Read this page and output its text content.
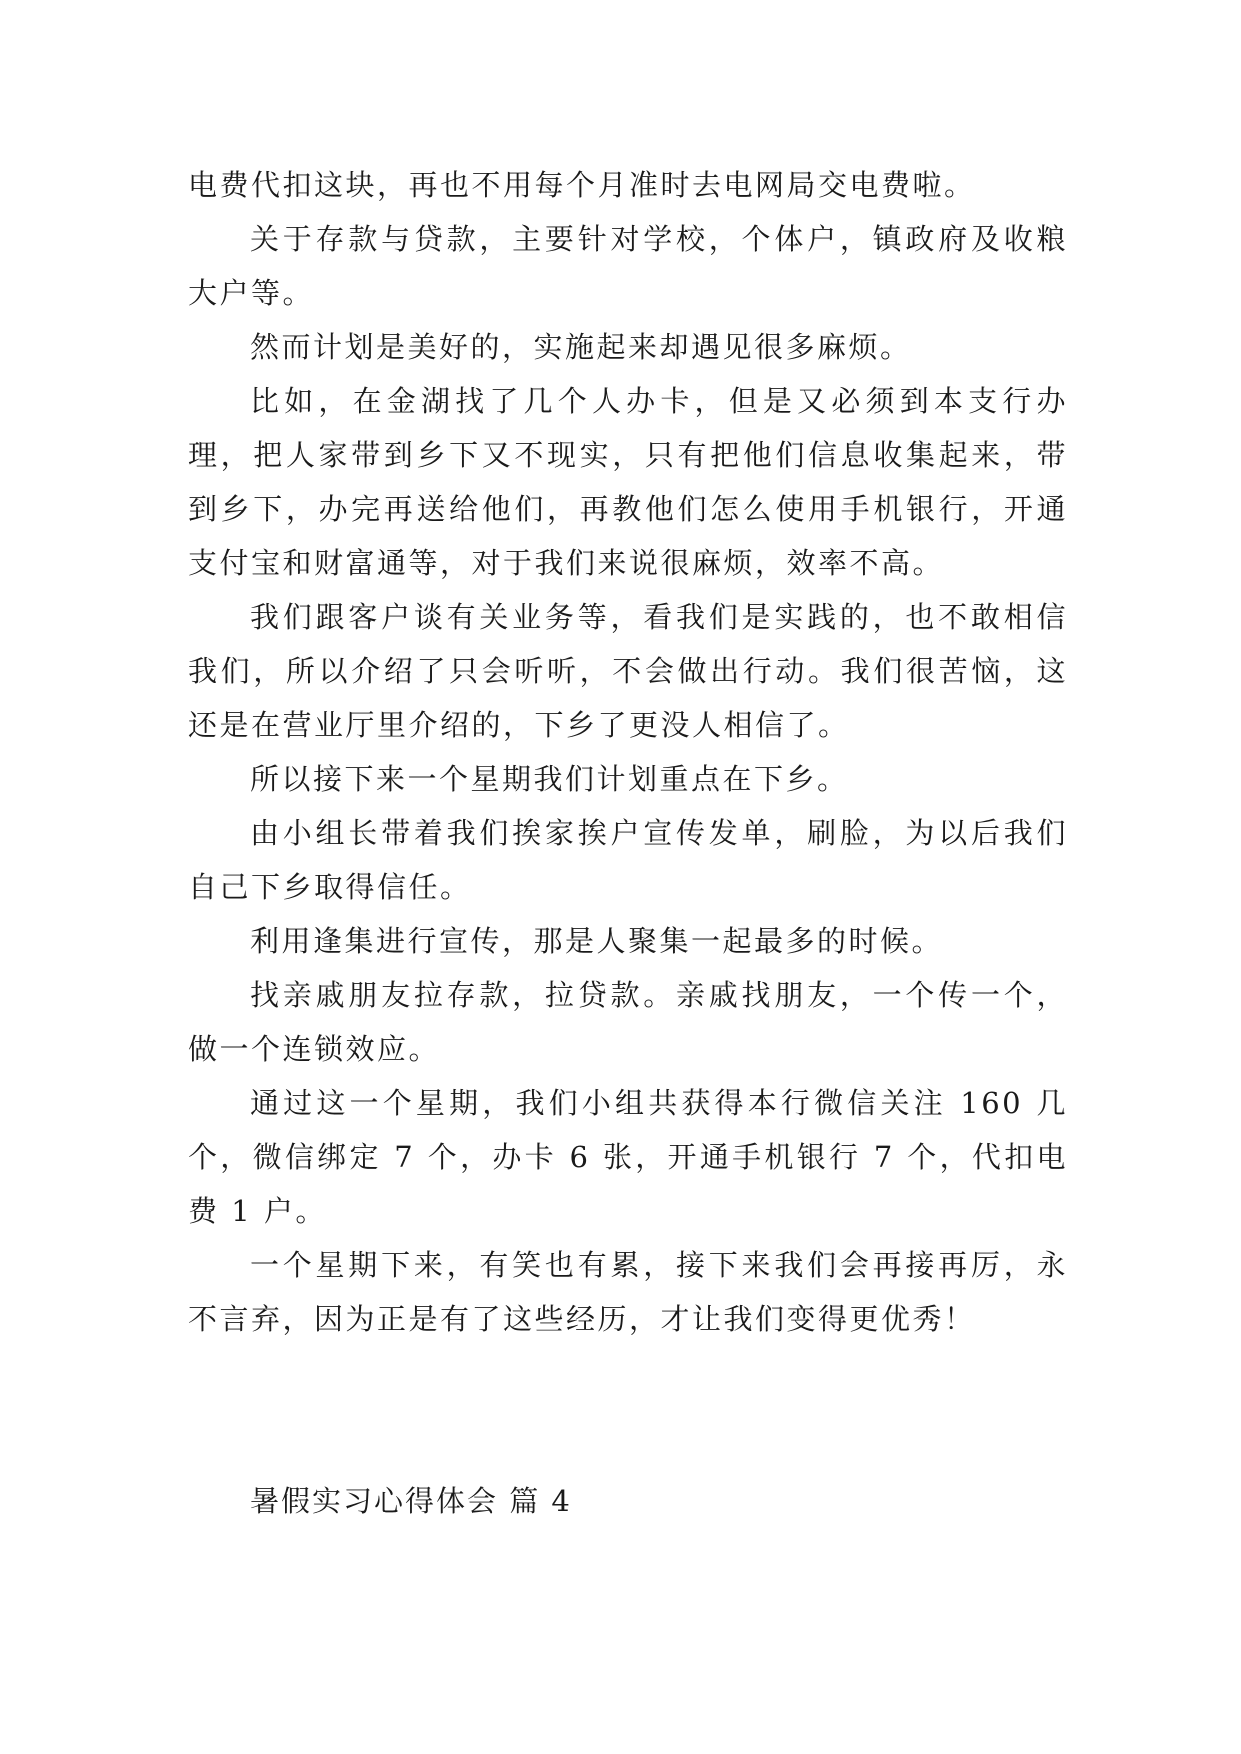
电费代扣这块，再也不用每个月准时去电网局交电费啦。

关于存款与贷款，主要针对学校，个体户，镇政府及收粮大户等。

然而计划是美好的，实施起来却遇见很多麻烦。

比如，在金湖找了几个人办卡，但是又必须到本支行办理，把人家带到乡下又不现实，只有把他们信息收集起来，带到乡下，办完再送给他们，再教他们怎么使用手机银行，开通支付宝和财富通等，对于我们来说很麻烦，效率不高。

我们跟客户谈有关业务等，看我们是实践的，也不敢相信我们，所以介绍了只会听听，不会做出行动。我们很苦恼，这还是在营业厅里介绍的，下乡了更没人相信了。

所以接下来一个星期我们计划重点在下乡。

由小组长带着我们挨家挨户宣传发单，刷脸，为以后我们自己下乡取得信任。

利用逢集进行宣传，那是人聚集一起最多的时候。

找亲戚朋友拉存款，拉贷款。亲戚找朋友，一个传一个，做一个连锁效应。

通过这一个星期，我们小组共获得本行微信关注 160 几个，微信绑定 7 个，办卡 6 张，开通手机银行 7 个，代扣电费 1 户。

一个星期下来，有笑也有累，接下来我们会再接再厉，永不言弃，因为正是有了这些经历，才让我们变得更优秀！

暑假实习心得体会 篇 4
